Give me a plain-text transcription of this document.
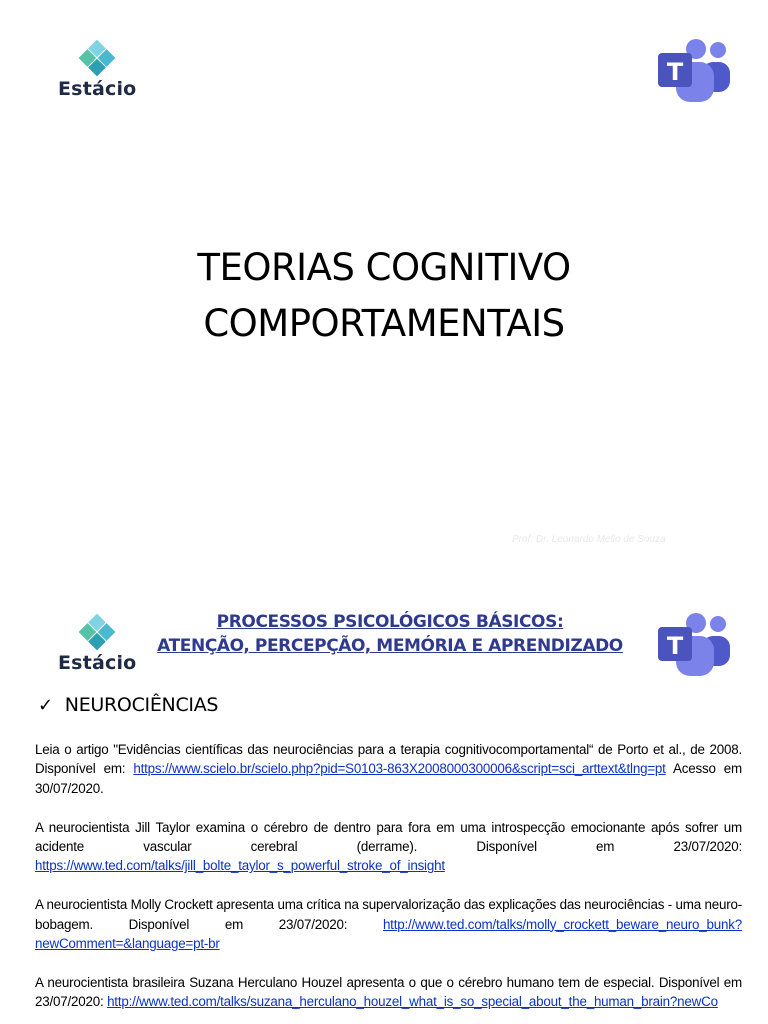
Estácio
T
TEORIAS COGNITIVO
COMPORTAMENTAIS
Prof. Dr. Leonardo Mello de Souza
Estácio
T
PROCESSOS PSICOLÓGICOS BÁSICOS:
ATENÇÃO, PERCEPÇÃO, MEMÓRIA E APRENDIZADO
✓ NEUROCIÊNCIAS

Leia o artigo "Evidências científicas das neurociências para a terapia cognitivocomportamental“ de Porto et al., de 2008. Disponível em: https://www.scielo.br/scielo.php?pid=S0103-863X2008000300006&script=sci_arttext&tlng=pt Acesso em 30/07/2020.

A neurocientista Jill Taylor examina o cérebro de dentro para fora em uma introspecção emocionante após sofrer um acidente vascular cerebral (derrame). Disponível em 23/07/2020: https://www.ted.com/talks/jill_bolte_taylor_s_powerful_stroke_of_insight

A neurocientista Molly Crockett apresenta uma crítica na supervalorização das explicações das neurociências - uma neuro-bobagem. Disponível em 23/07/2020: http://www.ted.com/talks/molly_crockett_beware_neuro_bunk?newComment=&language=pt-br

A neurocientista brasileira Suzana Herculano Houzel apresenta o que o cérebro humano tem de especial. Disponível em 23/07/2020: http://www.ted.com/talks/suzana_herculano_houzel_what_is_so_special_about_the_human_brain?newCo
